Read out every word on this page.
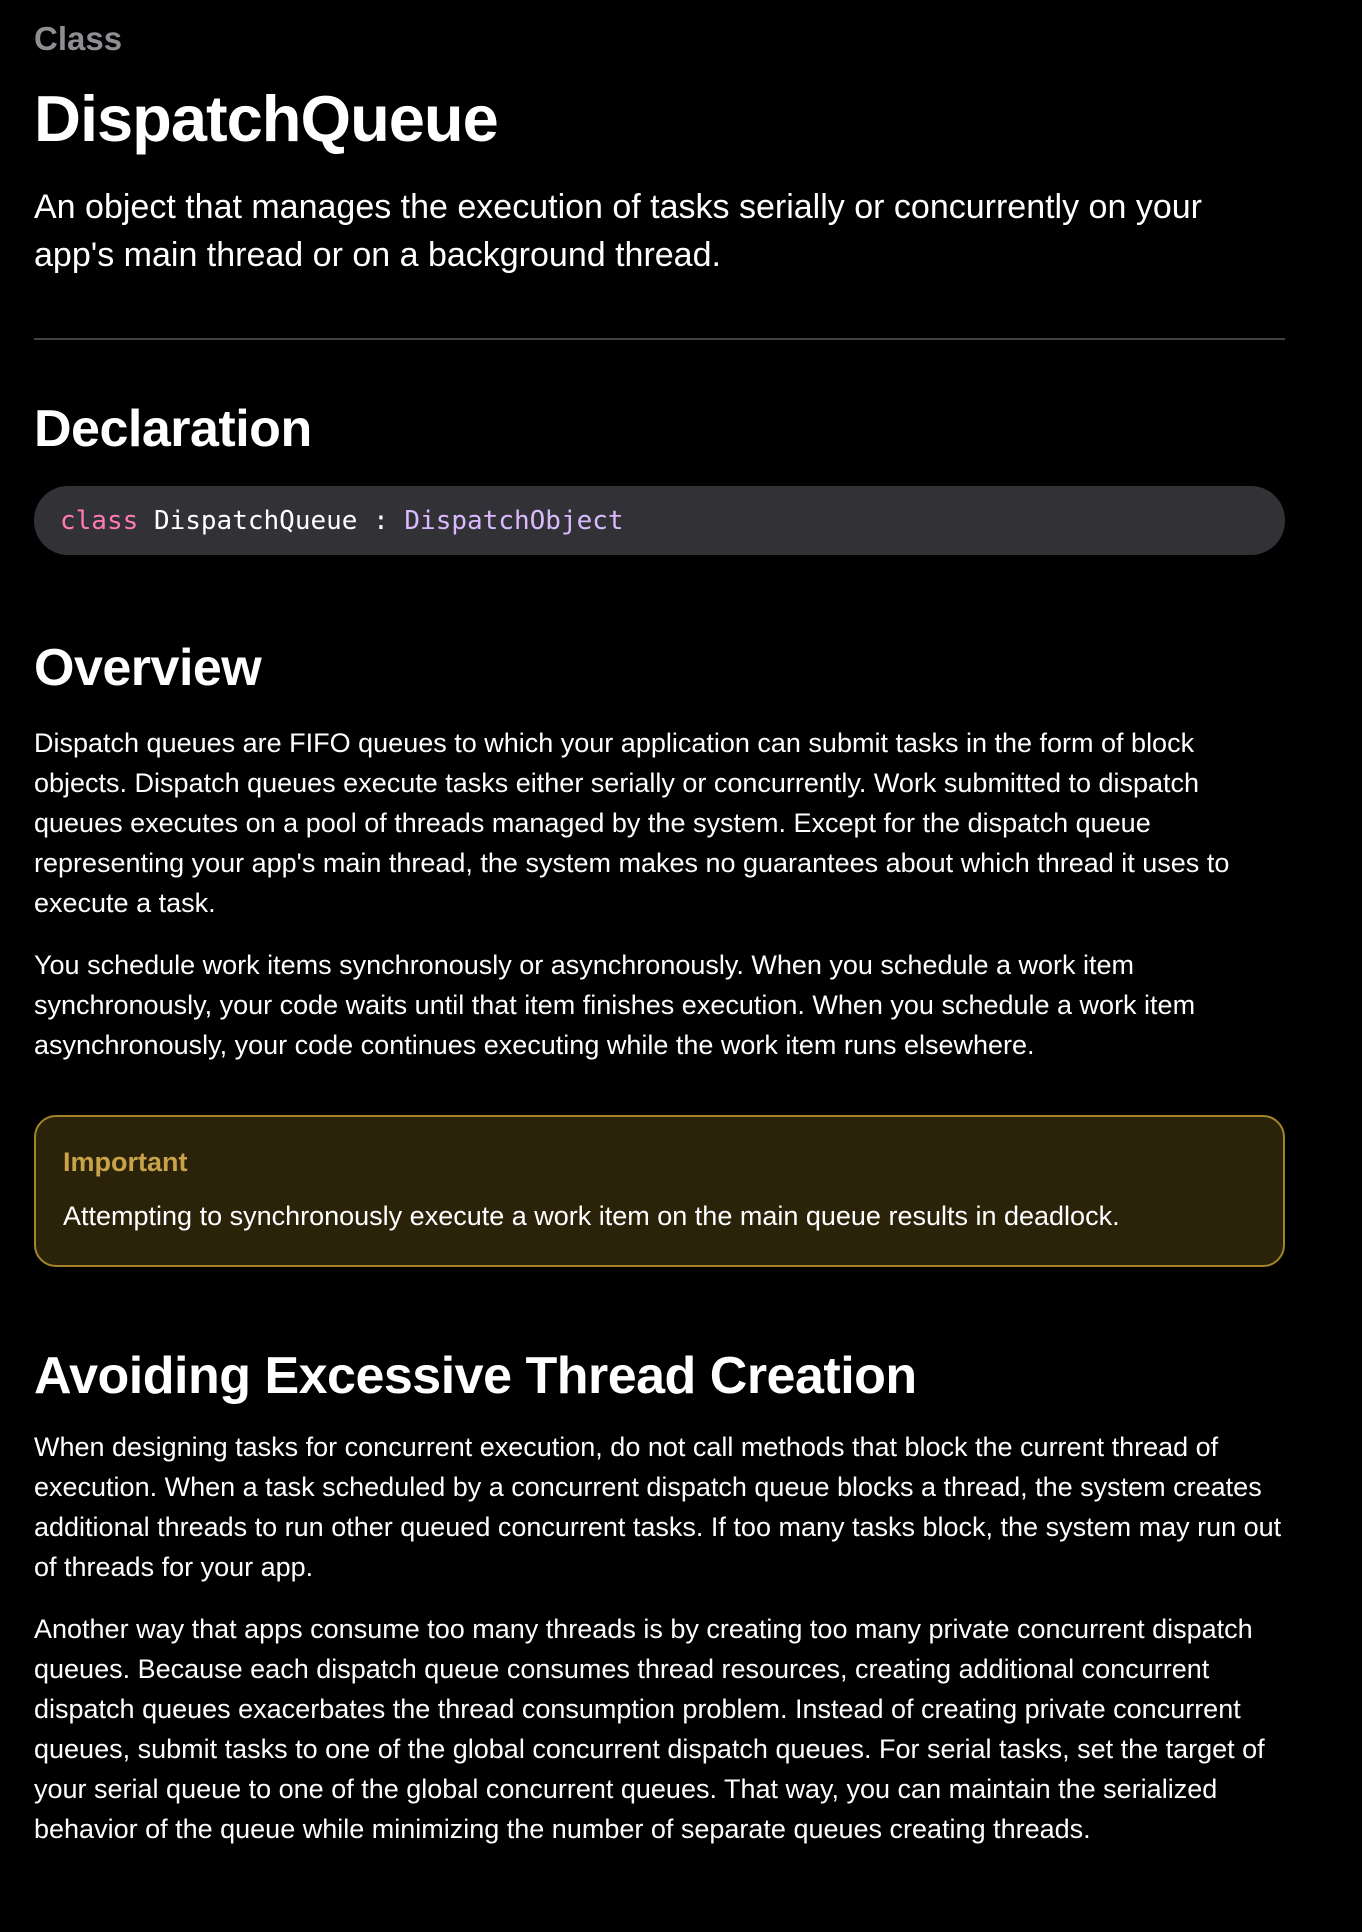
Class
DispatchQueue

An object that manages the execution of tasks serially or concurrently on your app's main thread or on a background thread.

Declaration
class
DispatchQueue
:
DispatchObject
Overview

Dispatch queues are FIFO queues to which your application can submit tasks in the form of block objects. Dispatch queues execute tasks either serially or concurrently. Work submitted to dispatch queues executes on a pool of threads managed by the system. Except for the dispatch queue representing your app's main thread, the system makes no guarantees about which thread it uses to execute a task.

You schedule work items synchronously or asynchronously. When you schedule a work item synchronously, your code waits until that item finishes execution. When you schedule a work item asynchronously, your code continues executing while the work item runs elsewhere.

Important

Attempting to synchronously execute a work item on the main queue results in deadlock.

Avoiding Excessive Thread Creation

When designing tasks for concurrent execution, do not call methods that block the current thread of execution. When a task scheduled by a concurrent dispatch queue blocks a thread, the system creates additional threads to run other queued concurrent tasks. If too many tasks block, the system may run out of threads for your app.

Another way that apps consume too many threads is by creating too many private concurrent dispatch queues. Because each dispatch queue consumes thread resources, creating additional concurrent dispatch queues exacerbates the thread consumption problem. Instead of creating private concurrent queues, submit tasks to one of the global concurrent dispatch queues. For serial tasks, set the target of your serial queue to one of the global concurrent queues. That way, you can maintain the serialized behavior of the queue while minimizing the number of separate queues creating threads.
